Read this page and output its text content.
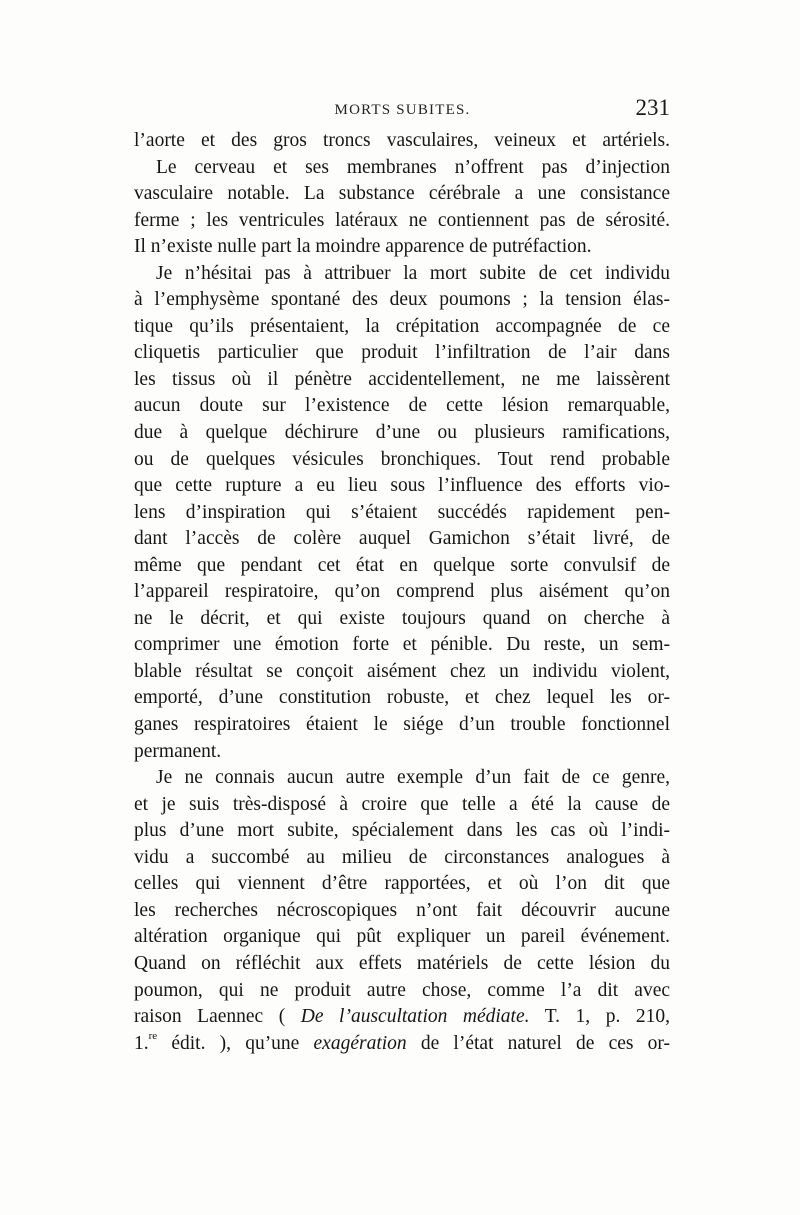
MORTS SUBITES.	231
l’aorte et des gros troncs vasculaires, veineux et artériels.
Le cerveau et ses membranes n’offrent pas d’injection
vasculaire notable. La substance cérébrale a une consistance
ferme ; les ventricules latéraux ne contiennent pas de sérosité.
Il n’existe nulle part la moindre apparence de putréfaction.
Je n’hésitai pas à attribuer la mort subite de cet individu
à l’emphysème spontané des deux poumons ; la tension élas-
tique qu’ils présentaient, la crépitation accompagnée de ce
cliquetis particulier que produit l’infiltration de l’air dans
les tissus où il pénètre accidentellement, ne me laissèrent
aucun doute sur l’existence de cette lésion remarquable,
due à quelque déchirure d’une ou plusieurs ramifications,
ou de quelques vésicules bronchiques. Tout rend probable
que cette rupture a eu lieu sous l’influence des efforts vio-
lens d’inspiration qui s’étaient succédés rapidement pen-
dant l’accès de colère auquel Gamichon s’était livré, de
même que pendant cet état en quelque sorte convulsif de
l’appareil respiratoire, qu’on comprend plus aisément qu’on
ne le décrit, et qui existe toujours quand on cherche à
comprimer une émotion forte et pénible. Du reste, un sem-
blable résultat se conçoit aisément chez un individu violent,
emporté, d’une constitution robuste, et chez lequel les or-
ganes respiratoires étaient le siége d’un trouble fonctionnel
permanent.
Je ne connais aucun autre exemple d’un fait de ce genre,
et je suis très-disposé à croire que telle a été la cause de
plus d’une mort subite, spécialement dans les cas où l’indi-
vidu a succombé au milieu de circonstances analogues à
celles qui viennent d’être rapportées, et où l’on dit que
les recherches nécroscopiques n’ont fait découvrir aucune
altération organique qui pût expliquer un pareil événement.
Quand on réfléchit aux effets matériels de cette lésion du
poumon, qui ne produit autre chose, comme l’a dit avec
raison Laennec ( De l’auscultation médiate. T. 1, p. 210,
1.$^{re}$ édit. ), qu’une exagération de l’état naturel de ces or-
